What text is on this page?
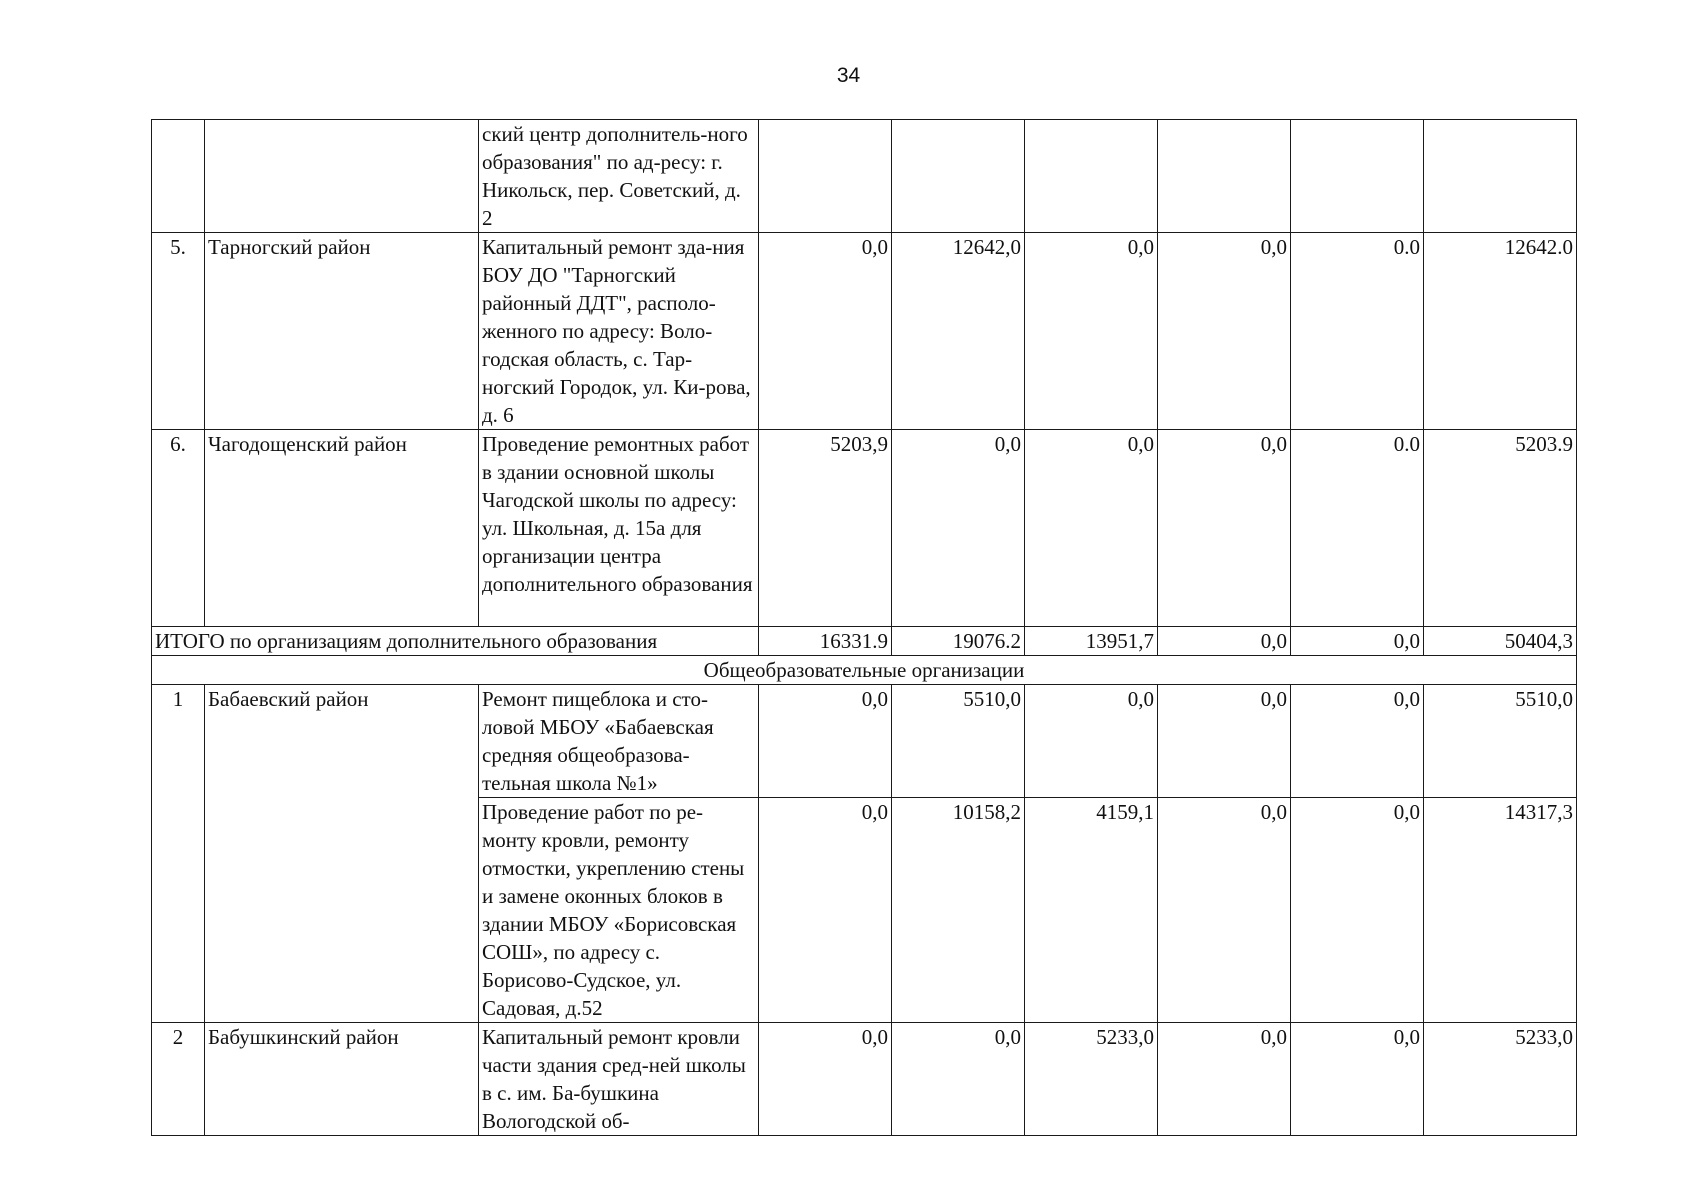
34
		ский центр дополнитель-ного образования" по ад-ресу: г. Никольск, пер. Советский, д. 2						
5.	Тарногский район	Капитальный ремонт зда-ния БОУ ДО "Тарногский районный ДДТ", располо-женного по адресу: Воло-годская область, с. Тар-ногский Городок, ул. Ки-рова, д. 6	0,0	12642,0	0,0	0,0	0.0	12642.0
6.	Чагодощенский район	Проведение ремонтных работ в здании основной школы Чагодской школы по адресу: ул. Школьная, д. 15а для организации центра дополнительного образования	5203,9	0,0	0,0	0,0	0.0	5203.9
ИТОГО по организациям дополнительного образования			16331.9	19076.2	13951,7	0,0	0,0	50404,3
Общеобразовательные организации								
1	Бабаевский район	Ремонт пищеблока и сто-ловой МБОУ «Бабаевская средняя общеобразова-тельная школа №1»	0,0	5510,0	0,0	0,0	0,0	5510,0
		Проведение работ по ре-монту кровли, ремонту отмостки, укреплению стены и замене оконных блоков в здании МБОУ «Борисовская СОШ», по адресу с. Борисово-Судское, ул. Садовая, д.52	0,0	10158,2	4159,1	0,0	0,0	14317,3
2	Бабушкинский район	Капитальный ремонт кровли части здания сред-ней школы в с. им. Ба-бушкина Вологодской об-	0,0	0,0	5233,0	0,0	0,0	5233,0
